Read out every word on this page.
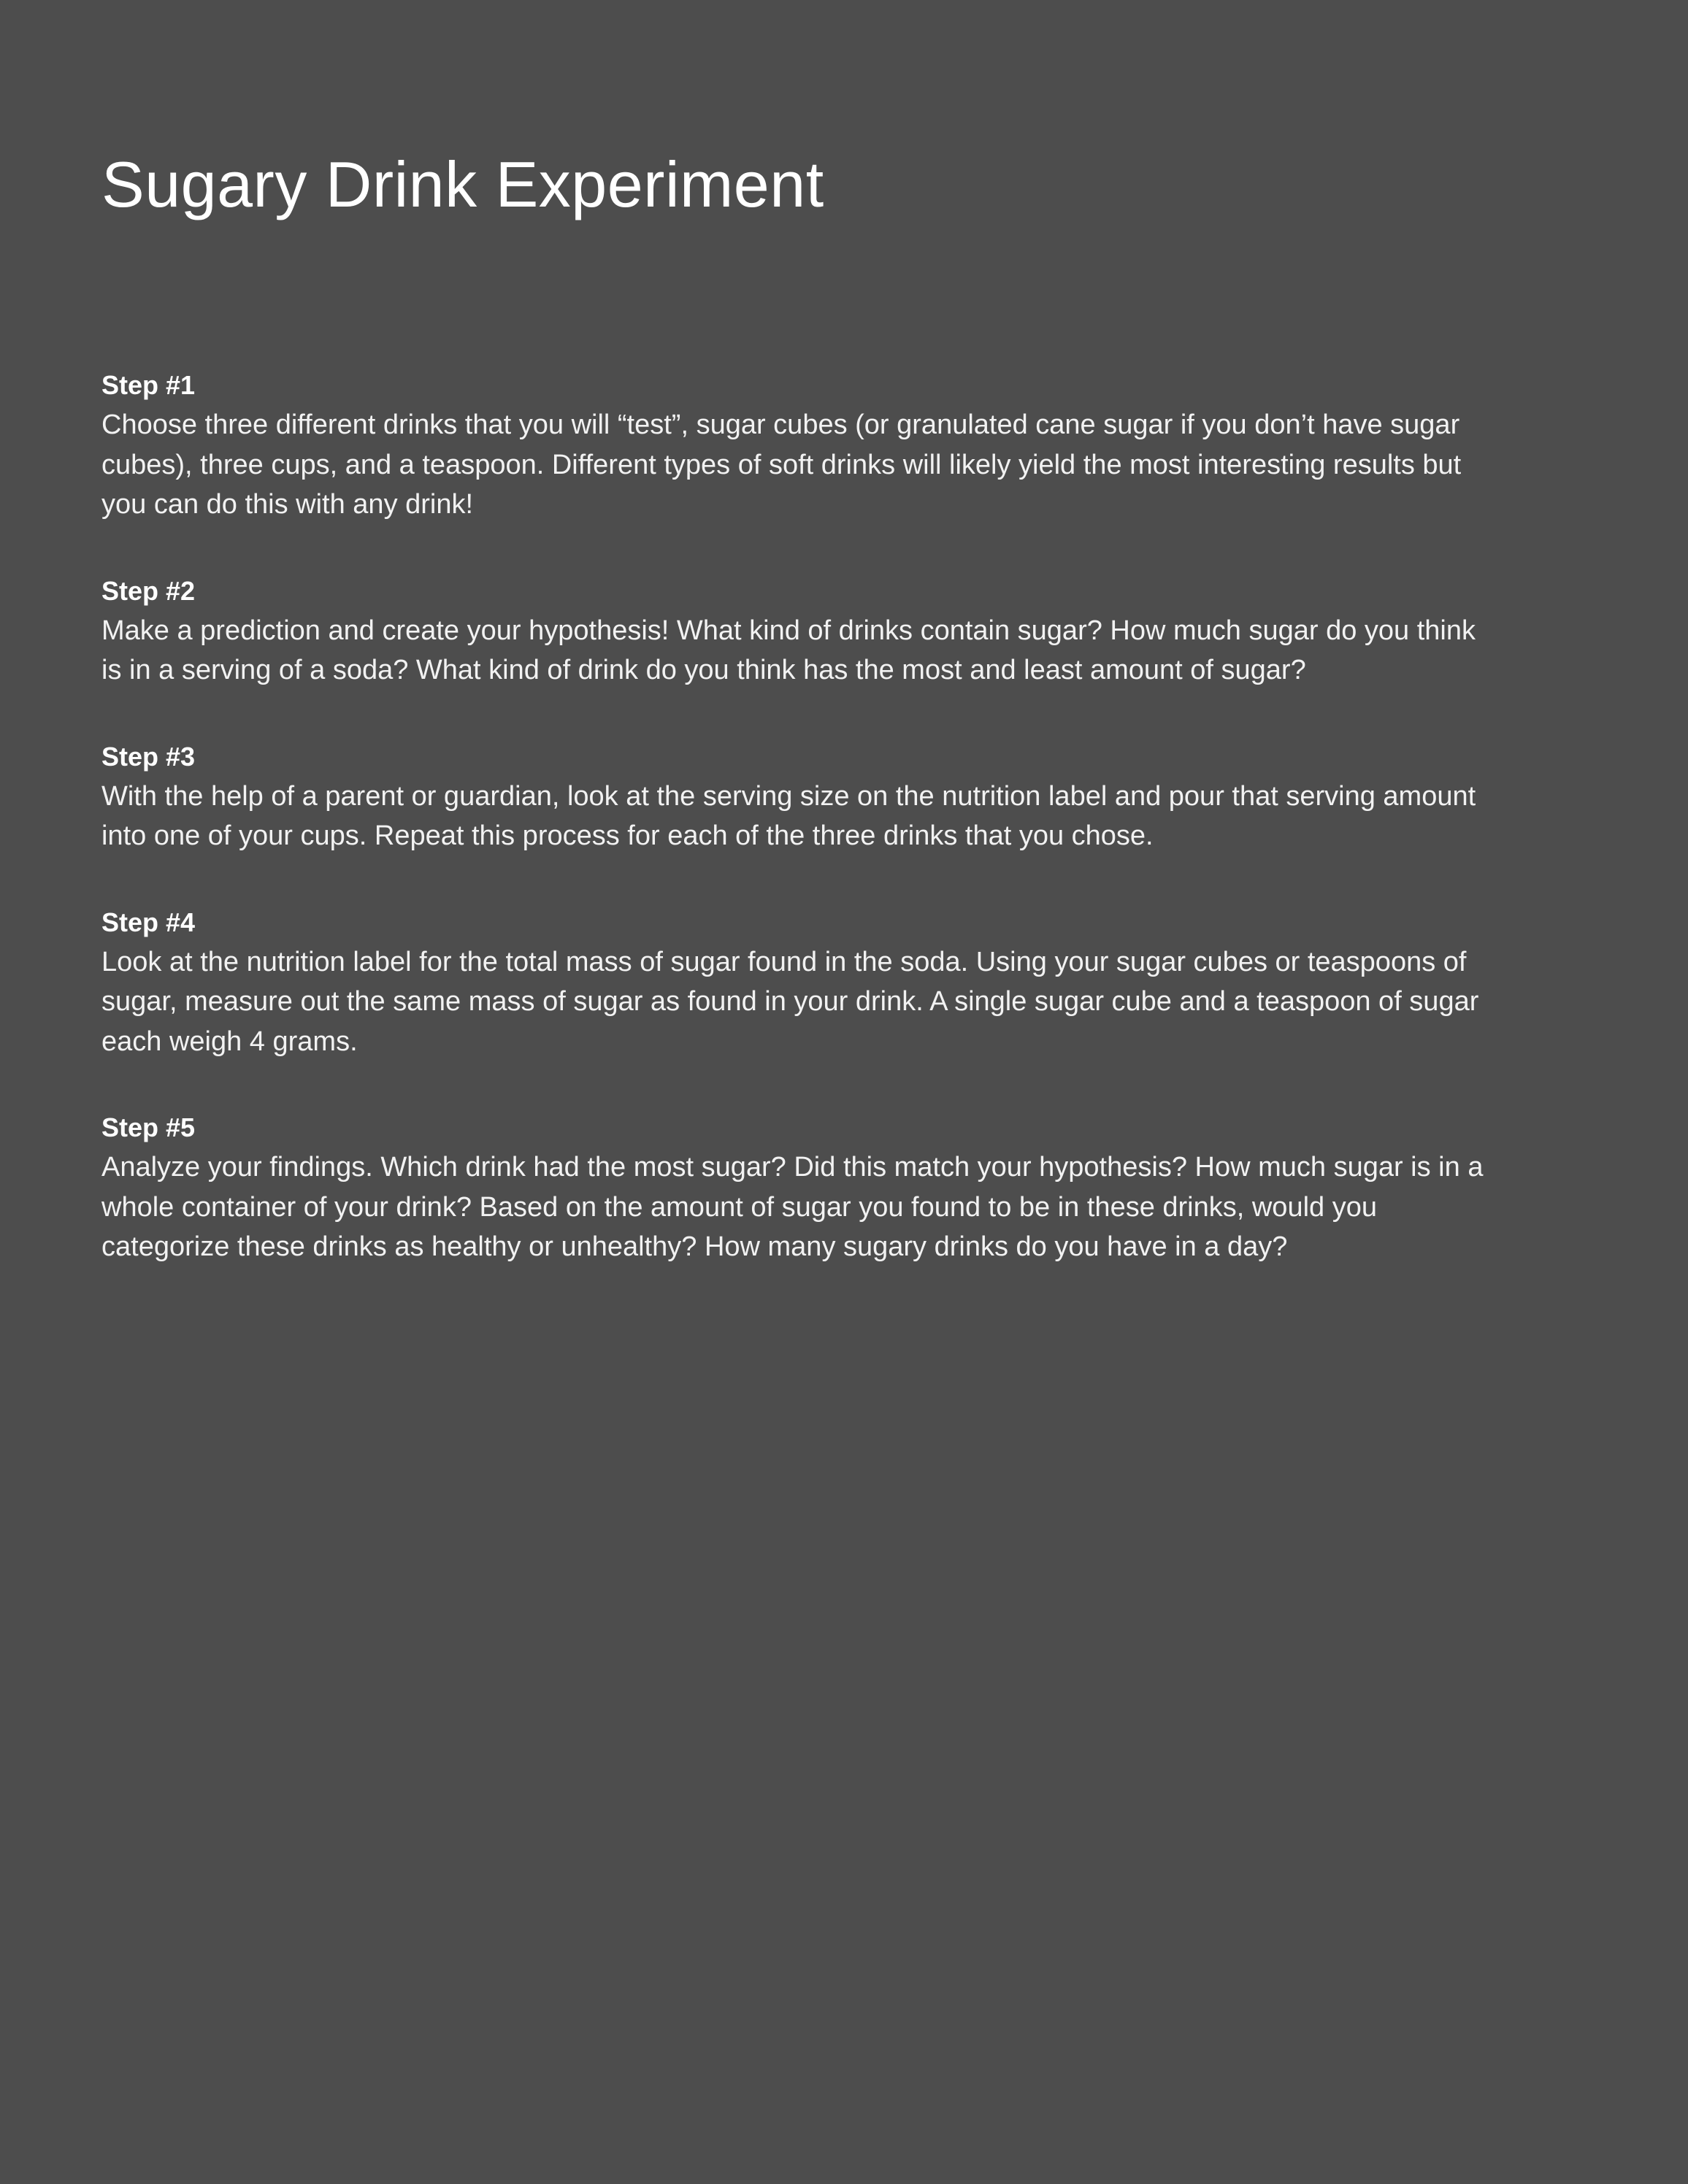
Sugary Drink Experiment
Step #1

Choose three different drinks that you will “test”, sugar cubes (or granulated cane sugar if you don’t have sugar cubes), three cups, and a teaspoon. Different types of soft drinks will likely yield the most interesting results but you can do this with any drink!

Step #2

Make a prediction and create your hypothesis! What kind of drinks contain sugar? How much sugar do you think is in a serving of a soda? What kind of drink do you think has the most and least amount of sugar?

Step #3

With the help of a parent or guardian, look at the serving size on the nutrition label and pour that serving amount into one of your cups. Repeat this process for each of the three drinks that you chose.

Step #4

Look at the nutrition label for the total mass of sugar found in the soda. Using your sugar cubes or teaspoons of sugar, measure out the same mass of sugar as found in your drink. A single sugar cube and a teaspoon of sugar each weigh 4 grams.

Step #5

Analyze your findings. Which drink had the most sugar? Did this match your hypothesis? How much sugar is in a whole container of your drink? Based on the amount of sugar you found to be in these drinks, would you categorize these drinks as healthy or unhealthy? How many sugary drinks do you have in a day?
